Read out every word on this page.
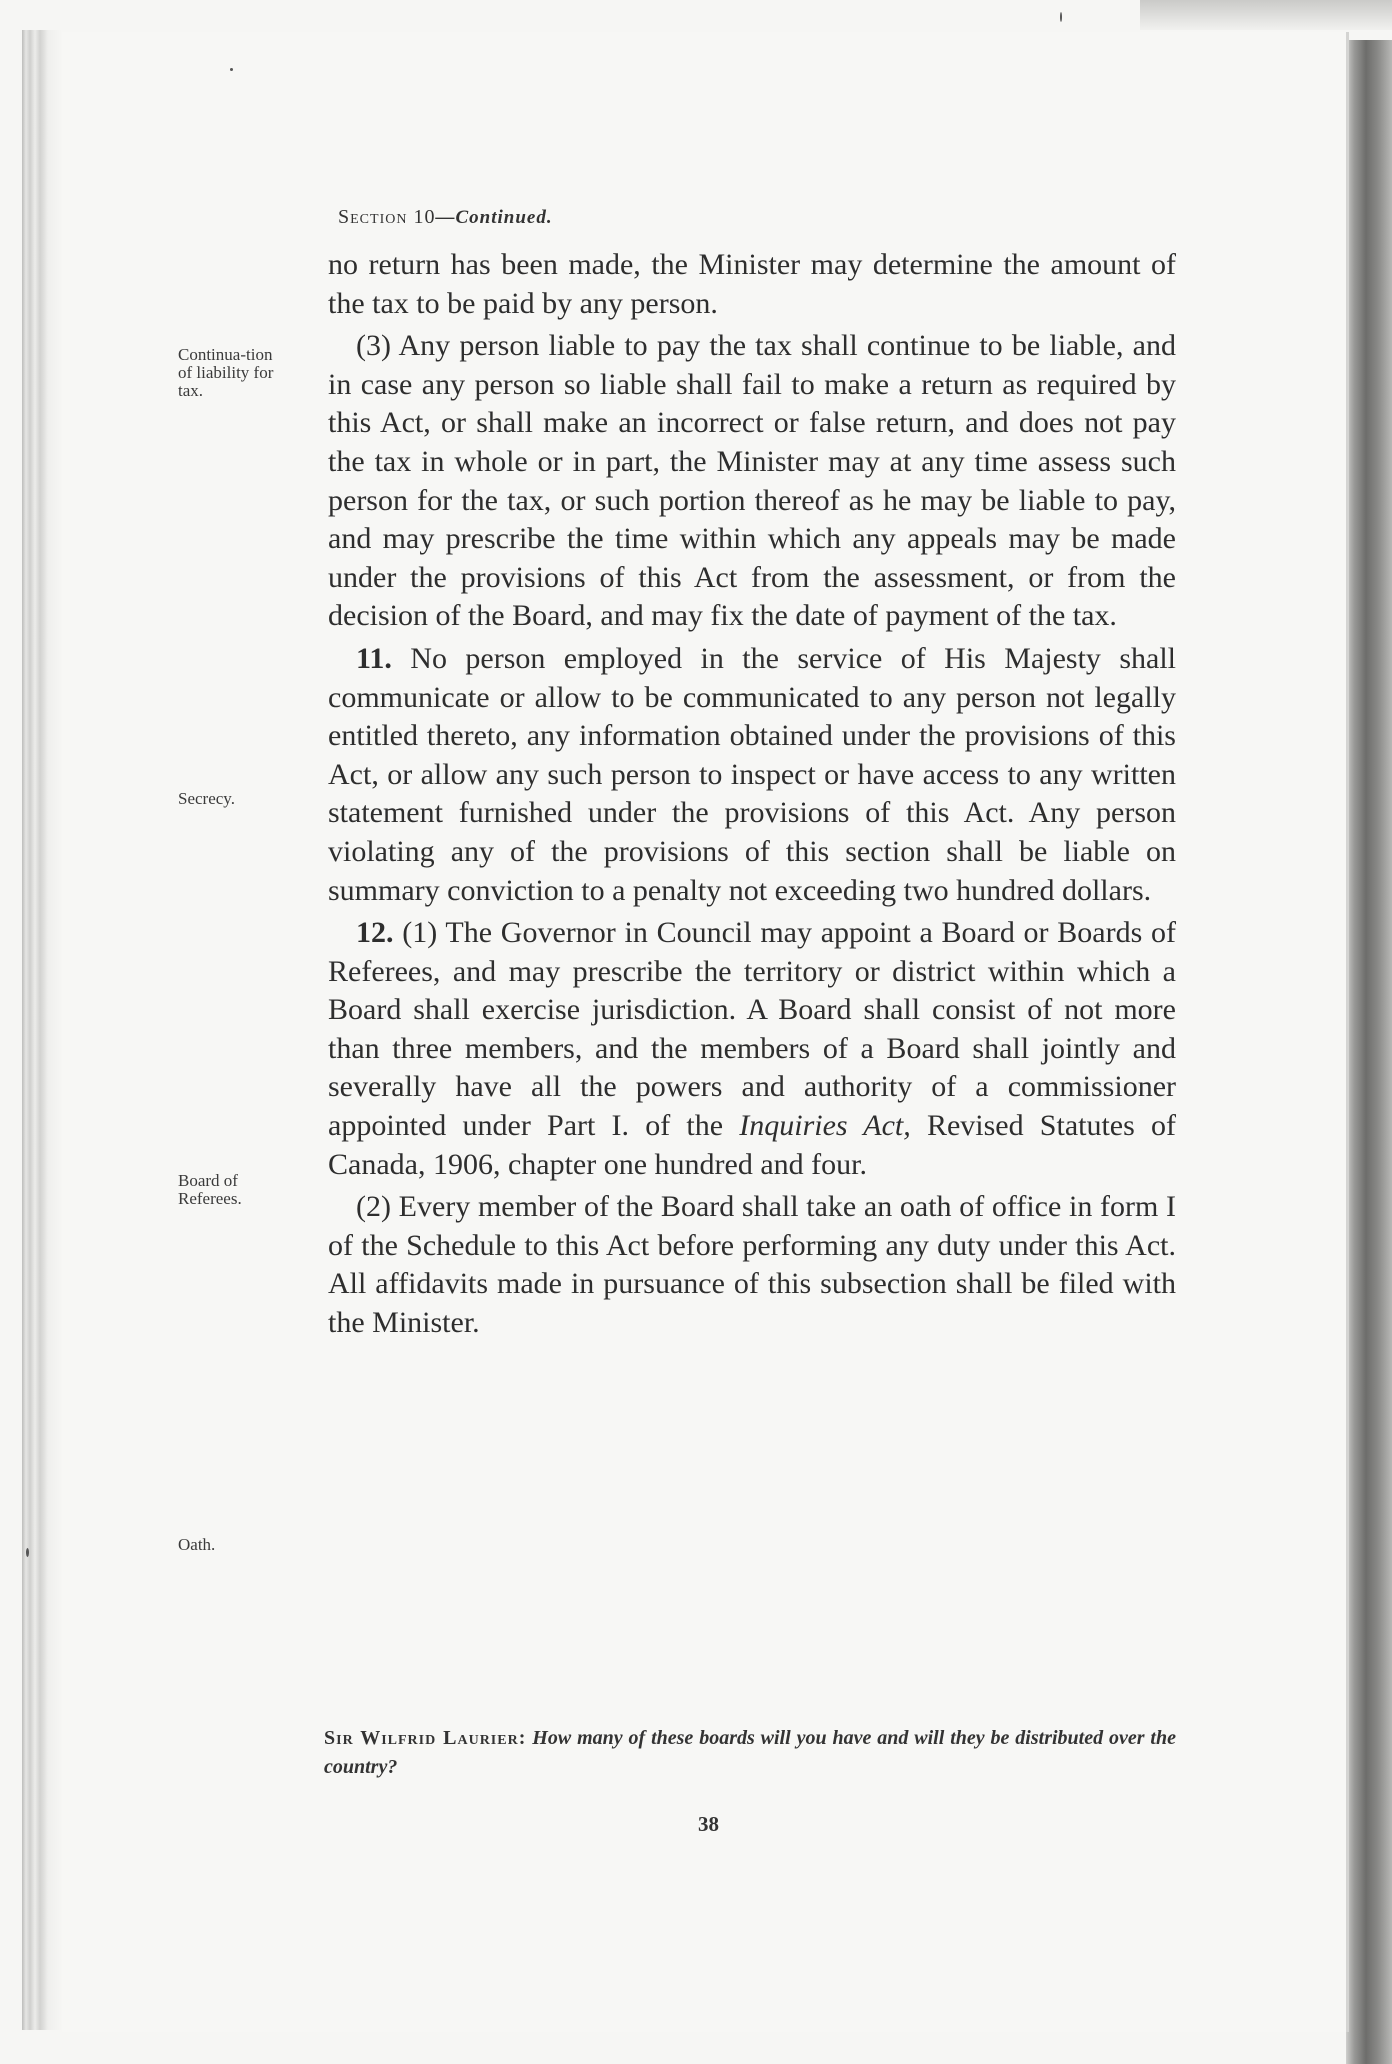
Section 10—Continued.
Continua-tion of liability for tax.
Secrecy.
Board of Referees.
Oath.

no return has been made, the Minister may determine the amount of the tax to be paid by any person.

(3) Any person liable to pay the tax shall continue to be liable, and in case any person so liable shall fail to make a return as required by this Act, or shall make an incorrect or false return, and does not pay the tax in whole or in part, the Minister may at any time assess such person for the tax, or such portion thereof as he may be liable to pay, and may prescribe the time within which any appeals may be made under the provisions of this Act from the assessment, or from the decision of the Board, and may fix the date of payment of the tax.

11. No person employed in the service of His Majesty shall communicate or allow to be communicated to any person not legally entitled thereto, any information obtained under the provisions of this Act, or allow any such person to inspect or have access to any written statement furnished under the provisions of this Act. Any person violating any of the provisions of this section shall be liable on summary conviction to a penalty not exceeding two hundred dollars.

12. (1) The Governor in Council may appoint a Board or Boards of Referees, and may prescribe the territory or district within which a Board shall exercise jurisdiction. A Board shall consist of not more than three members, and the members of a Board shall jointly and severally have all the powers and authority of a commissioner appointed under Part I. of the Inquiries Act, Revised Statutes of Canada, 1906, chapter one hundred and four.

(2) Every member of the Board shall take an oath of office in form I of the Schedule to this Act before performing any duty under this Act. All affidavits made in pursuance of this subsection shall be filed with the Minister.

Sir Wilfrid Laurier: How many of these boards will you have and will they be distributed over the country?
38
